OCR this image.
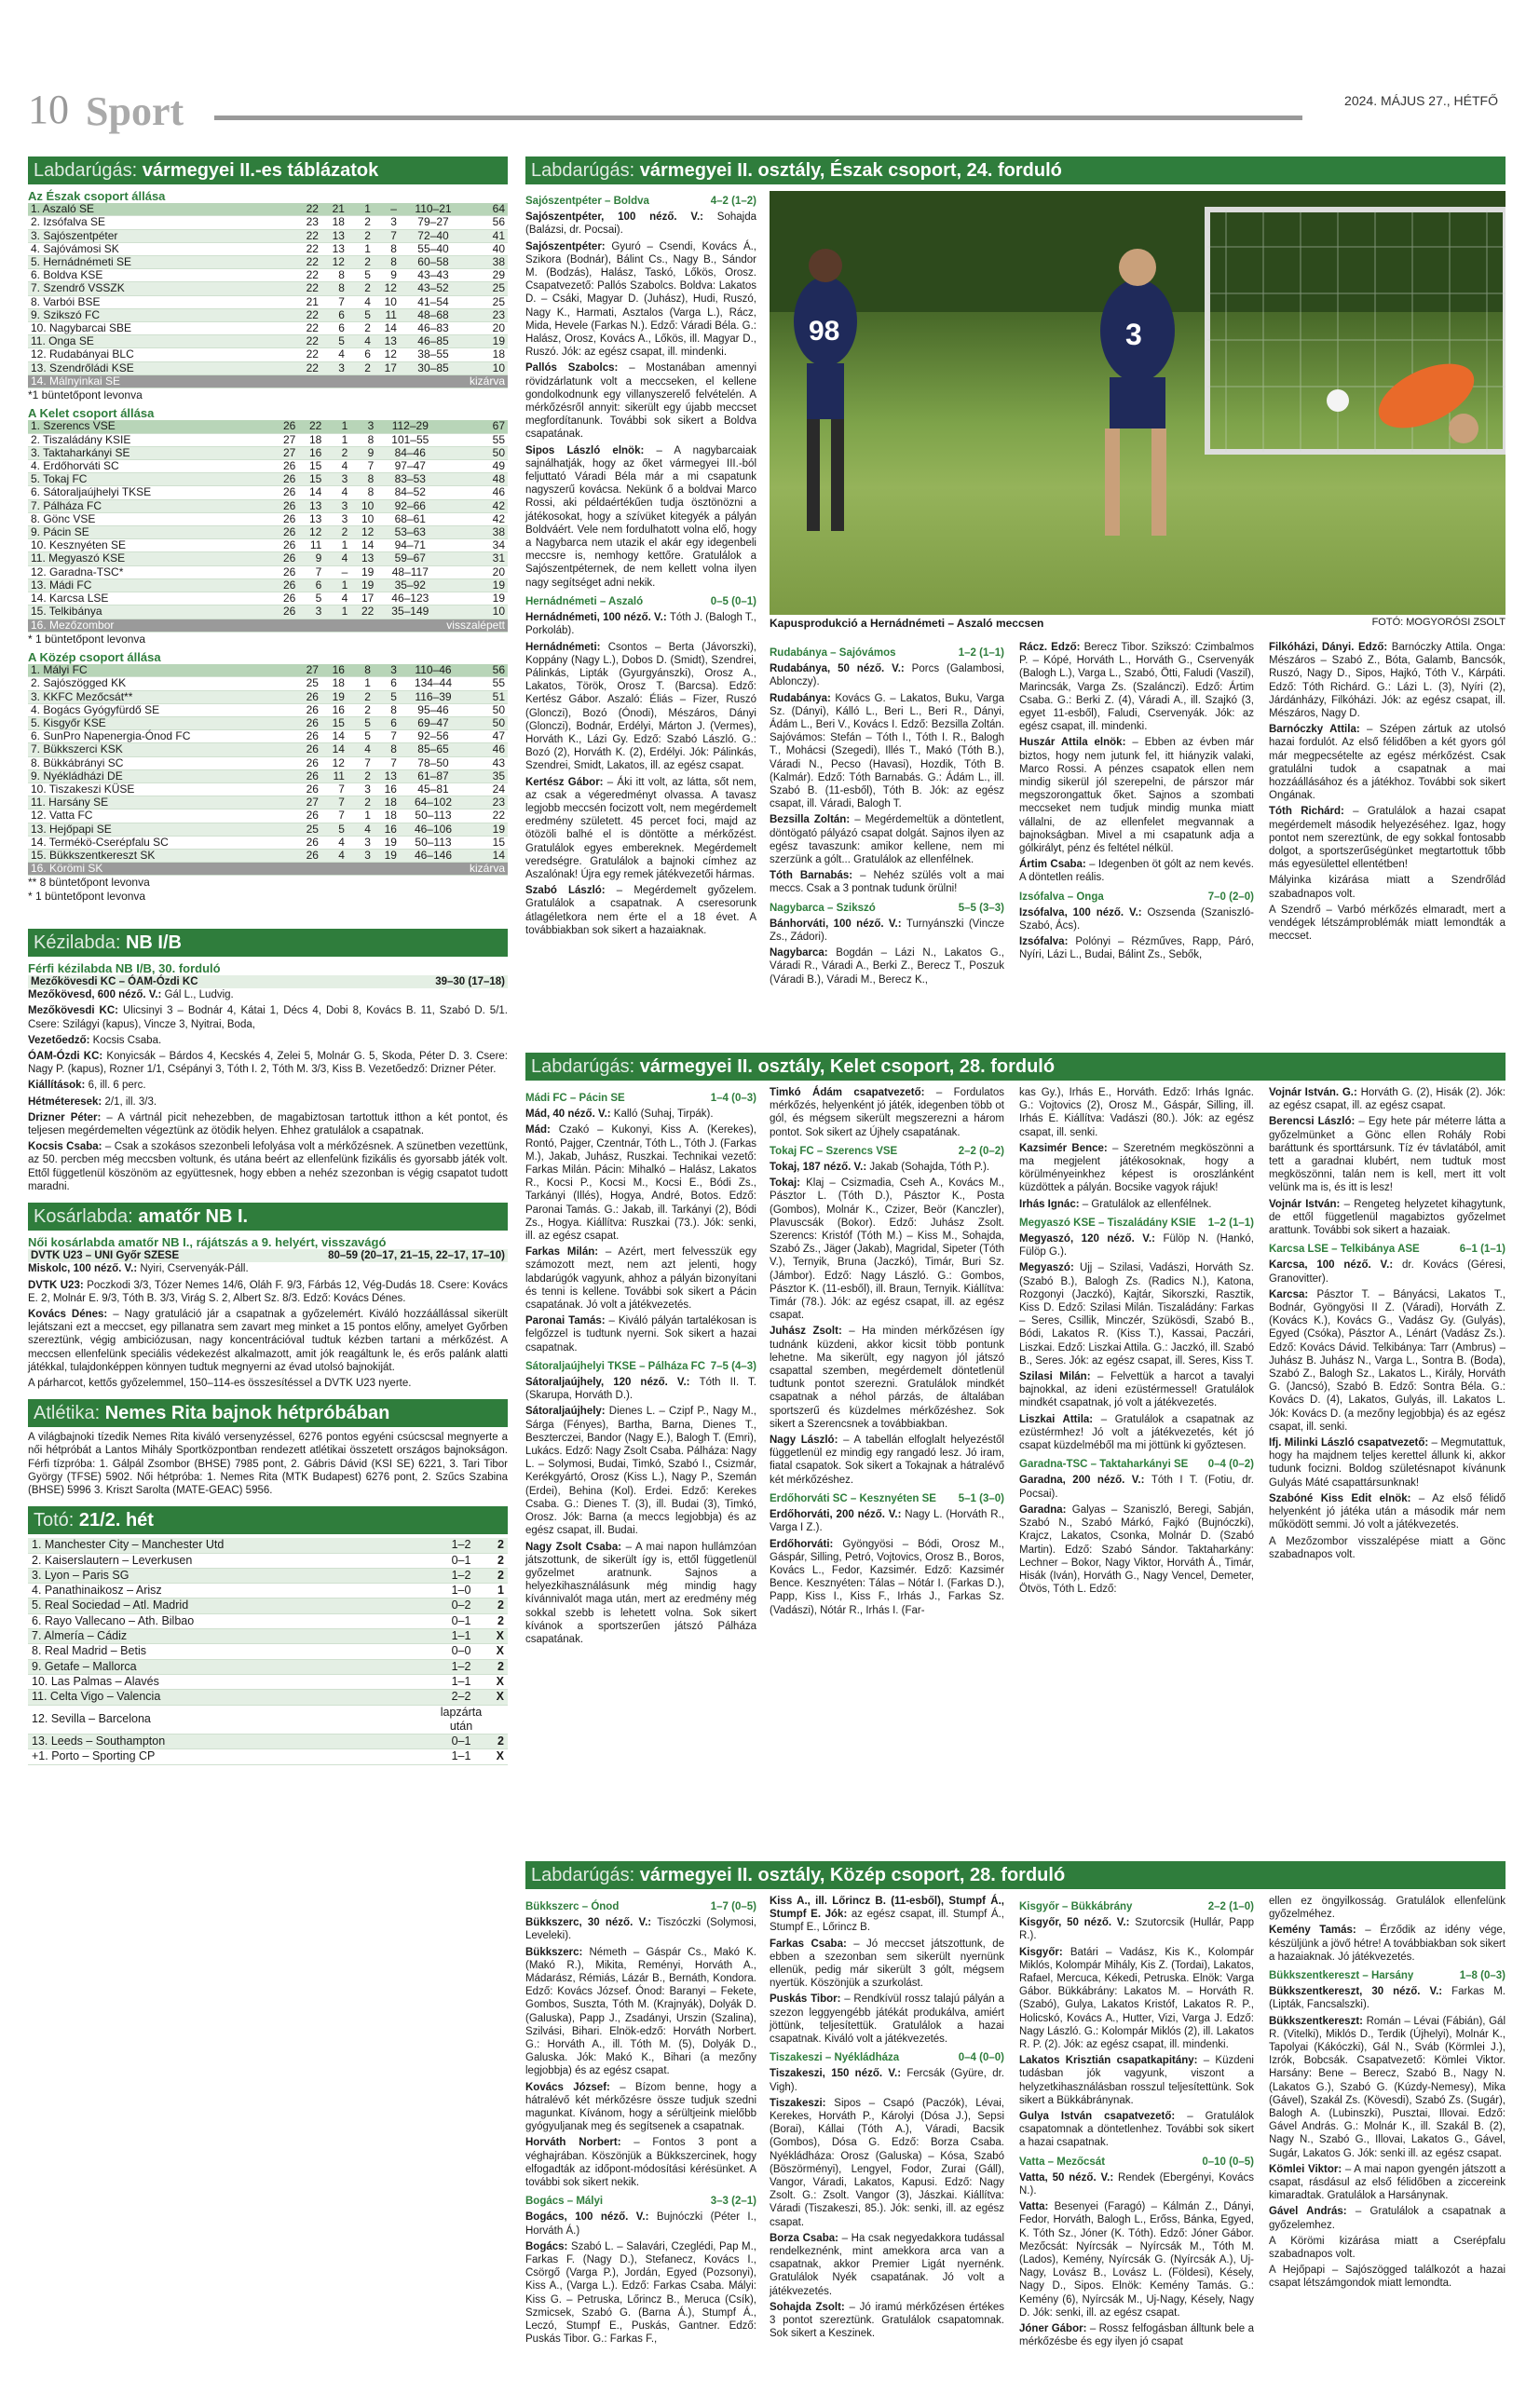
10 Sport	2024. MÁJUS 27., HÉTFŐ
Labdarúgás: vármegyei II.-es táblázatok
Az Észak csoport állása
1. Aszaló SE	22	21	1	–	110–21	64
2. Izsófalva SE	23	18	2	3	79–27	56
3. Sajószentpéter	22	13	2	7	72–40	41
4. Sajóvámosi SK	22	13	1	8	55–40	40
5. Hernádnémeti SE	22	12	2	8	60–58	38
6. Boldva KSE	22	8	5	9	43–43	29
7. Szendrő VSSZK	22	8	2	12	43–52	25
8. Varbói BSE	21	7	4	10	41–54	25
9. Szikszó FC	22	6	5	11	48–68	23
10. Nagybarcai SBE	22	6	2	14	46–83	20
11. Onga SE	22	5	4	13	46–85	19
12. Rudabányai BLC	22	4	6	12	38–55	18
13. Szendrőládi KSE	22	3	2	17	30–85	10
14. Málnyinkai SE						kizárva
*1 büntetőpont levonva
A Kelet csoport állása
1. Szerencs VSE	26	22	1	3	112–29	67
2. Tiszaládány KSIE	27	18	1	8	101–55	55
3. Taktaharkányi SE	27	16	2	9	84–46	50
4. Erdőhorváti SC	26	15	4	7	97–47	49
5. Tokaj FC	26	15	3	8	83–53	48
6. Sátoraljaújhelyi TKSE	26	14	4	8	84–52	46
7. Pálháza FC	26	13	3	10	92–66	42
8. Gönc VSE	26	13	3	10	68–61	42
9. Pácin SE	26	12	2	12	53–63	38
10. Kesznyéten SE	26	11	1	14	94–71	34
11. Megyaszó KSE	26	9	4	13	59–67	31
12. Garadna-TSC*	26	7	–	19	48–117	20
13. Mádi FC	26	6	1	19	35–92	19
14. Karcsa LSE	26	5	4	17	46–123	19
15. Telkibánya	26	3	1	22	35–149	10
16. Mezőzombor						visszalépett
* 1 büntetőpont levonva
A Közép csoport állása
1. Mályi FC	27	16	8	3	110–46	56
2. Sajószögged KK	25	18	1	6	134–44	55
3. KKFC Mezőcsát**	26	19	2	5	116–39	51
4. Bogács Gyógyfürdő SE	26	16	2	8	95–46	50
5. Kisgyőr KSE	26	15	5	6	69–47	50
6. SunPro Napenergia-Ónod FC	26	14	5	7	92–56	47
7. Bükkszerci KSK	26	14	4	8	85–65	46
8. Bükkábrányi SC	26	12	7	7	78–50	43
9. Nyékládházi DE	26	11	2	13	61–87	35
10. Tiszakeszi KÜSE	26	7	3	16	45–81	24
11. Harsány SE	27	7	2	18	64–102	23
12. Vatta FC	26	7	1	18	50–113	22
13. Hejőpapi SE	25	5	4	16	46–106	19
14. Termékö-Cserépfalu SC	26	4	3	19	50–113	15
15. Bükkszentkereszt SK	26	4	3	19	46–146	14
16. Körömi SK						kizárva
** 8 büntetőpont levonva
* 1 büntetőpont levonva
Kézilabda: NB I/B
Férfi kézilabda NB I/B, 30. forduló
Mezőkövesdi KC – ÓAM-Ózdi KC	39–30 (17–18)
Mezőkövesd, 600 néző. V.: Gál L., Ludvig.
Mezőkövesdi KC: Ulicsinyi 3 – Bodnár 4, Kátai 1, Décs 4, Dobi 8, Kovács B. 11, Szabó D. 5/1. Csere: Szilágyi (kapus), Vincze 3, Nyitrai, Boda,
Vezetőedző: Kocsis Csaba.
ÓAM-Ózdi KC: Konyicsák – Bárdos 4, Kecskés 4, Zelei 5, Molnár G. 5, Skoda, Péter D. 3. Csere: Nagy P. (kapus), Rozner 1/1, Csépányi 3, Tóth I. 2, Tóth M. 3/3, Kiss B. Vezetőedző: Drizner Péter.
Kiállítások: 6, ill. 6 perc.
Hétméteresek: 2/1, ill. 3/3.
Drizner Péter: – A vártnál picit nehezebben, de magabiztosan tartottuk itthon a két pontot, és teljesen megérdemelten végeztünk az ötödik helyen. Ehhez gratulálok a csapatnak.
Kocsis Csaba: – Csak a szokásos szezonbeli lefolyása volt a mérkőzésnek. A szünetben vezettünk, az 50. percben még meccsben voltunk, és utána beért az ellenfelünk fizikális és gyorsabb játék volt. Ettől függetlenül köszönöm az együttesnek, hogy ebben a nehéz szezonban is végig csapatot tudott maradni.
Kosárlabda: amatőr NB I.
Női kosárlabda amatőr NB I., rájátszás a 9. helyért, visszavágó
DVTK U23 – UNI Győr SZESE	80–59 (20–17, 21–15, 22–17, 17–10)
Miskolc, 100 néző. V.: Nyiri, Cservenyák-Páll.
DVTK U23: Poczkodi 3/3, Tózer Nemes 14/6, Oláh F. 9/3, Fárbás 12, Vég-Dudás 18. Csere: Kovács E. 2, Molnár E. 9/3, Tóth B. 3/3, Virág S. 2, Albert Sz. 8/3. Edző: Kovács Dénes.
Kovács Dénes: – Nagy gratuláció jár a csapatnak a győzelemért. Kiváló hozzáállással sikerült lejátszani ezt a meccset, egy pillanatra sem zavart meg minket a 15 pontos előny, amelyet Győrben szereztünk, végig ambiciózusan, nagy koncentrációval tudtuk kézben tartani a mérkőzést. A meccsen ellenfelünk speciális védekezést alkalmazott, amit jók reagáltunk le, és erős palánk alatti játékkal, tulajdonképpen könnyen tudtuk megnyerni az évad utolsó bajnokiját.
A párharcot, kettős győzelemmel, 150–114-es összesítéssel a DVTK U23 nyerte.
Atlétika: Nemes Rita bajnok hétpróbában
A világbajnoki tízedik Nemes Rita kiváló versenyzéssel, 6276 pontos egyéni csúcscsal megnyerte a női hétpróbát a Lantos Mihály Sportközpontban rendezett atlétikai összetett országos bajnokságon. Férfi tízpróba: 1. Gálpál Zsombor (BHSE) 7985 pont, 2. Gábris Dávid (KSI SE) 6221, 3. Tari Tibor György (TFSE) 5902. Női hétpróba: 1. Nemes Rita (MTK Budapest) 6276 pont, 2. Szűcs Szabina (BHSE) 5996 3. Kriszt Sarolta (MATE-GEAC) 5956.
Totó: 21/2. hét
1. Manchester City – Manchester Utd	1–2	2
2. Kaiserslautern – Leverkusen	0–1	2
3. Lyon – Paris SG	1–2	2
4. Panathinaikosz – Arisz	1–0	1
5. Real Sociedad – Atl. Madrid	0–2	2
6. Rayo Vallecano – Ath. Bilbao	0–1	2
7. Almería – Cádiz	1–1	X
8. Real Madrid – Betis	0–0	X
9. Getafe – Mallorca	1–2	2
10. Las Palmas – Alavés	1–1	X
11. Celta Vigo – Valencia	2–2	X
12. Sevilla – Barcelona	lapzárta után	
13. Leeds – Southampton	0–1	2
+1. Porto – Sporting CP	1–1	X
Labdarúgás: vármegyei II. osztály, Észak csoport, 24. forduló
Sajószentpéter – Boldva	4–2 (1–2)
Sajószentpéter, 100 néző. V.: Sohajda (Balázsi, dr. Pocsai).
Sajószentpéter: Gyuró – Csendi, Kovács Á., Szikora (Bodnár), Bálint Cs., Nagy B., Sándor M. (Bodzás), Halász, Taskó, Lőkös, Orosz. Csapatvezető: Pallós Szabolcs. Boldva: Lakatos D. – Csáki, Magyar D. (Juhász), Hudi, Ruszó, Nagy K., Harmati, Asztalos (Varga L.), Rácz, Mida, Hevele (Farkas N.). Edző: Váradi Béla. G.: Halász, Orosz, Kovács A., Lőkös, ill. Magyar D., Ruszó. Jók: az egész csapat, ill. mindenki.
Pallós Szabolcs: – Mostanában amennyi rövidzárlatunk volt a meccseken, el kellene gondolkodnunk egy villanyszerelő felvételén. A mérkőzésről annyit: sikerült egy újabb meccset megfordítanunk. További sok sikert a Boldva csapatának.
Sipos László elnök: – A nagybarcaiak sajnálhatják, hogy az őket vármegyei III.-ból feljuttató Váradi Béla már a mi csapatunk nagyszerű kovácsa. Nekünk ő a boldvai Marco Rossi, aki példaértékűen tudja ösztönözni a játékosokat, hogy a szívüket kitegyék a pályán Boldváért. Vele nem fordulhatott volna elő, hogy a Nagybarca nem utazik el akár egy idegenbeli meccsre is, nemhogy kettőre. Gratulálok a Sajószentpéternek, de nem kellett volna ilyen nagy segítséget adni nekik.
Hernádnémeti – Aszaló	0–5 (0–1)
Hernádnémeti, 100 néző. V.: Tóth J. (Balogh T., Porkoláb).
Hernádnémeti: Csontos – Berta (Jávorszki), Koppány (Nagy L.), Dobos D. (Smidt), Szendrei, Pálinkás, Lipták (Gyurgyánszki), Orosz A., Lakatos, Török, Orosz T. (Barcsa). Edző: Kertész Gábor. Aszaló: Éliás – Fizer, Ruszó (Glonczi), Bozó (Ónodi), Mészáros, Dányi (Glonczi), Bodnár, Erdélyi, Márton J. (Vermes), Horváth K., Lázi Gy. Edző: Szabó László. G.: Bozó (2), Horváth K. (2), Erdélyi. Jók: Pálinkás, Szendrei, Smidt, Lakatos, ill. az egész csapat.
Kertész Gábor: – Áki itt volt, az látta, sőt nem, az csak a végeredményt olvassa. A tavasz legjobb meccsén focizott volt, nem megérdemelt eredmény született. 45 percet foci, majd az ötözöli balhé el is döntötte a mérkőzést. Gratulálok egyes embereknek. Megérdemelt veredségre. Gratulálok a bajnoki címhez az Aszalónak! Újra egy remek játékvezetői hármas.
Szabó László: – Megérdemelt győzelem. Gratulálok a csapatnak. A cseresorunk átlagéletkora nem érte el a 18 évet. A továbbiakban sok sikert a hazaiaknak.
98	3
FOTÓ: MOGYORÓSI ZSOLT
Kapusprodukció a Hernádnémeti – Aszaló meccsen
Rudabánya – Sajóvámos	1–2 (1–1)
Rudabánya, 50 néző. V.: Porcs (Galambosi, Ablonczy).
Rudabánya: Kovács G. – Lakatos, Buku, Varga Sz. (Dányi), Kálló L., Beri L., Beri R., Dányi, Ádám L., Beri V., Kovács I. Edző: Bezsilla Zoltán. Sajóvámos: Stefán – Tóth I., Tóth I. R., Balogh T., Mohácsi (Szegedi), Illés T., Makó (Tóth B.), Váradi N., Pecso (Havasi), Hozdik, Tóth B. (Kalmár). Edző: Tóth Barnabás. G.: Ádám L., ill. Szabó B. (11-esből), Tóth B. Jók: az egész csapat, ill. Váradi, Balogh T.
Bezsilla Zoltán: – Megérdemeltük a döntetlent, döntögató pályázó csapat dolgát. Sajnos ilyen az egész tavaszunk: amikor kellene, nem mi szerzünk a gólt... Gratulálok az ellenfélnek.
Tóth Barnabás: – Nehéz szülés volt a mai meccs. Csak a 3 pontnak tudunk örülni!
Nagybarca – Szikszó	5–5 (3–3)
Bánhorváti, 100 néző. V.: Turnyánszki (Vincze Zs., Zádori).
Nagybarca: Bogdán – Lázi N., Lakatos G., Váradi R., Váradi A., Berki Z., Berecz T., Poszuk (Váradi B.), Váradi M., Berecz K.,
Rácz. Edző: Berecz Tibor. Szikszó: Czimbalmos P. – Kópé, Horváth L., Horváth G., Cservenyák (Balogh L.), Varga L., Szabó, Ötti, Faludi (Vaszil), Marincsák, Varga Zs. (Szalánczi). Edző: Ártim Csaba. G.: Berki Z. (4), Váradi A., ill. Szajkó (3, egyet 11-esből), Faludi, Cservenyák. Jók: az egész csapat, ill. mindenki.
Huszár Attila elnök: – Ebben az évben már biztos, hogy nem jutunk fel, itt hiányzik valaki, Marco Rossi. A pénzes csapatok ellen nem mindig sikerül jól szerepelni, de párszor már megszorongattuk őket. Sajnos a szombati meccseket nem tudjuk mindig munka miatt vállalni, de az ellenfelet megvannak a bajnokságban. Mivel a mi csapatunk adja a gólkirályt, pénz és feltétel nélkül.
Ártim Csaba: – Idegenben öt gólt az nem kevés. A döntetlen reális.
Izsófalva – Onga	7–0 (2–0)
Izsófalva, 100 néző. V.: Oszsenda (Szaniszló-Szabó, Ács).
Izsófalva: Polónyi – Rézműves, Rapp, Páró, Nyíri, Lázi L., Budai, Bálint Zs., Sebők,
Filkóházi, Dányi. Edző: Barnóczky Attila. Onga: Mészáros – Szabó Z., Bóta, Galamb, Bancsók, Ruszó, Nagy D., Sipos, Hajkó, Tóth V., Kárpáti. Edző: Tóth Richárd. G.: Lázi L. (3), Nyíri (2), Járdánházy, Filkóházi. Jók: az egész csapat, ill. Mészáros, Nagy D.
Barnóczky Attila: – Szépen zártuk az utolsó hazai fordulót. Az első félidőben a két gyors gól már megpecsételte az egész mérkőzést. Csak gratulálni tudok a csapatnak a mai hozzáállásához és a játékhoz. További sok sikert Ongának.
Tóth Richárd: – Gratulálok a hazai csapat megérdemelt második helyezéséhez. Igaz, hogy pontot nem szereztünk, de egy sokkal fontosabb dolgot, a sportszerűségünket megtartottuk tőbb más egyesülettel ellentétben!
Mályinka kizárása miatt a Szendrőlád szabadnapos volt.
A Szendrő – Varbó mérkőzés elmaradt, mert a vendégek létszámproblémák miatt lemondták a meccset.
Labdarúgás: vármegyei II. osztály, Kelet csoport, 28. forduló
Mádi FC – Pácin SE	1–4 (0–3)
Mád, 40 néző. V.: Kalló (Suhaj, Tirpák).
Mád: Czakó – Kukonyi, Kiss A. (Kerekes), Rontó, Pajger, Czentnár, Tóth L., Tóth J. (Farkas M.), Jakab, Juhász, Ruszkai. Technikai vezető: Farkas Milán. Pácin: Mihalkó – Halász, Lakatos R., Kocsi P., Kocsi M., Kocsi E., Bódi Zs., Tarkányi (Illés), Hogya, André, Botos. Edző: Paronai Tamás. G.: Jakab, ill. Tarkányi (2), Bódi Zs., Hogya. Kiállítva: Ruszkai (73.). Jók: senki, ill. az egész csapat.
Farkas Milán: – Azért, mert felvesszük egy számozott mezt, nem azt jelenti, hogy labdarúgók vagyunk, ahhoz a pályán bizonyítani és tenni is kellene. További sok sikert a Pácin csapatának. Jó volt a játékvezetés.
Paronai Tamás: – Kiváló pályán tartalékosan is felgőzzel is tudtunk nyerni. Sok sikert a hazai csapatnak.
Sátoraljaújhelyi TKSE – Pálháza FC 7–5 (4–3)
Sátoraljaújhely, 120 néző. V.: Tóth II. T. (Skarupa, Horváth D.).
Sátoraljaújhely: Dienes L. – Czipf P., Nagy M., Sárga (Fényes), Bartha, Barna, Dienes T., Beszterczei, Bandor (Nagy E.), Balogh T. (Emri), Lukács. Edző: Nagy Zsolt Csaba. Pálháza: Nagy L. – Solymosi, Budai, Timkó, Szabó I., Csizmár, Kerékgyártó, Orosz (Kiss L.), Nagy P., Szemán (Erdei), Behina (Kol). Erdei. Edző: Kerekes Csaba. G.: Dienes T. (3), ill. Budai (3), Timkó, Orosz. Jók: Barna (a meccs legjobbja) és az egész csapat, ill. Budai.
Nagy Zsolt Csaba: – A mai napon hullámzóan játszottunk, de sikerült így is, ettől függetlenül győzelmet aratnunk. Sajnos a helyezkihasználásunk még mindig hagy kívánnivalót maga után, mert az eredmény még sokkal szebb is lehetett volna. Sok sikert kívánok a sportszerűen játszó Pálháza csapatának.
Timkó Ádám csapatvezető: – Fordulatos mérkőzés, helyenként jó játék, idegenben több ot gól, és mégsem sikerült megszerezni a három pontot. Sok sikert az Újhely csapatának.
Tokaj FC – Szerencs VSE	2–2 (0–2)
Tokaj, 187 néző. V.: Jakab (Sohajda, Tóth P.).
Tokaj: Klaj – Csizmadia, Cseh A., Kovács M., Pásztor L. (Tóth D.), Pásztor K., Posta (Gombos), Molnár K., Czizer, Beör (Kanczler), Plavuscsák (Bokor). Edző: Juhász Zsolt. Szerencs: Kristóf (Tóth M.) – Kiss M., Sohajda, Szabó Zs., Jäger (Jakab), Magridal, Sipeter (Tóth V.), Ternyik, Bruna (Jaczkó), Timár, Buri Sz. (Jámbor). Edző: Nagy László. G.: Gombos, Pásztor K. (11-esből), ill. Braun, Ternyik. Kiállítva: Timár (78.). Jók: az egész csapat, ill. az egész csapat.
Juhász Zsolt: – Ha minden mérkőzésen így tudnánk küzdeni, akkor kicsit több pontunk lehetne. Ma sikerült, egy nagyon jól játszó csapattal szemben, megérdemelt döntetlenül tudtunk pontot szerezni. Gratulálok mindkét csapatnak a néhol párzás, de általában sportszerű és küzdelmes mérkőzéshez. Sok sikert a Szerencsnek a továbbiakban.
Nagy László: – A tabellán elfoglalt helyezéstől függetlenül ez mindig egy rangadó lesz. Jó iram, fiatal csapatok. Sok sikert a Tokajnak a hátralévő két mérkőzéshez.
Erdőhorváti SC – Kesznyéten SE 5–1 (3–0)
Erdőhorváti, 200 néző. V.: Nagy L. (Horváth R., Varga I Z.).
Erdőhorváti: Gyöngyösi – Bódi, Orosz M., Gáspár, Silling, Petró, Vojtovics, Orosz B., Boros, Kovács L., Fedor, Kazsimér. Edző: Kazsimér Bence. Kesznyéten: Tálas – Nótár I. (Farkas D.), Papp, Kiss I., Kiss F., Irhás J., Farkas Sz. (Vadászi), Nótár R., Irhás I. (Far-
kas Gy.), Irhás E., Horváth. Edző: Irhás Ignác. G.: Vojtovics (2), Orosz M., Gáspár, Silling, ill. Irhás E. Kiállítva: Vadászi (80.). Jók: az egész csapat, ill. senki.
Kazsimér Bence: – Szeretném megköszönni a ma megjelent játékosoknak, hogy a körülményeinkhez képest is oroszlánként küzdöttek a pályán. Bocsike vagyok rájuk!
Irhás Ignác: – Gratulálok az ellenfélnek.
Megyaszó KSE – Tiszaládány KSIE 1–2 (1–1)
Megyaszó, 120 néző. V.: Fülöp N. (Hankó, Fülöp G.).
Megyaszó: Ujj – Szilasi, Vadászi, Horváth Sz. (Szabó B.), Balogh Zs. (Radics N.), Katona, Rozgonyi (Jaczkó), Kajtár, Sikorszki, Rasztik, Kiss D. Edző: Szilasi Milán. Tiszaládány: Farkas – Seres, Csillik, Minczér, Szükösdi, Szabó B., Bódi, Lakatos R. (Kiss T.), Kassai, Paczári, Liszkai. Edző: Liszkai Attila. G.: Jaczkó, ill. Szabó B., Seres. Jók: az egész csapat, ill. Seres, Kiss T.
Szilasi Milán: – Felvettük a harcot a tavalyi bajnokkal, az ideni ezüstérmessel! Gratulálok mindkét csapatnak, jó volt a játékvezetés.
Liszkai Attila: – Gratulálok a csapatnak az ezüstérmhez! Jó volt a játékvezetés, két jó csapat küzdelméből ma mi jöttünk ki győztesen.
Garadna-TSC – Taktaharkányi SE 0–4 (0–2)
Garadna, 200 néző. V.: Tóth I T. (Fotiu, dr. Pocsai).
Garadna: Galyas – Szaniszló, Beregi, Sabján, Szabó N., Szabó Márkó, Fajkó (Bujnóczki), Krajcz, Lakatos, Csonka, Molnár D. (Szabó Martin). Edző: Szabó Sándor. Taktaharkány: Lechner – Bokor, Nagy Viktor, Horváth Á., Timár, Hisák (Iván), Horváth G., Nagy Vencel, Demeter, Ötvös, Tóth L. Edző:
Vojnár István. G.: Horváth G. (2), Hisák (2). Jók: az egész csapat, ill. az egész csapat.
Berencsi László: – Egy hete pár méterre látta a győzelmünket a Gönc ellen Rohály Robi baráttunk és sporttársunk. Tíz év távlatából, amit tett a garadnai klubért, nem tudtuk most megköszönni, talán nem is kell, mert itt volt velünk ma is, és itt is lesz!
Vojnár István: – Rengeteg helyzetet kihagytunk, de ettől függetlenül magabiztos győzelmet arattunk. További sok sikert a hazaiak.
Karcsa LSE – Telkibánya ASE	6–1 (1–1)
Karcsa, 100 néző. V.: dr. Kovács (Géresi, Granovitter).
Karcsa: Pásztor T. – Bányácsi, Lakatos T., Bodnár, Gyöngyösi II Z. (Váradi), Horváth Z. (Kovács K.), Kovács G., Vadász Gy. (Gulyás), Egyed (Csóka), Pásztor A., Lénárt (Vadász Zs.). Edző: Kovács Dávid. Telkibánya: Tarr (Ambrus) – Juhász B. Juhász N., Varga L., Sontra B. (Boda), Szabó Z., Balogh Sz., Lakatos L., Király, Horváth G. (Jancsó), Szabó B. Edző: Sontra Béla. G.: Kovács D. (4), Lakatos, Gulyás, ill. Lakatos L. Jók: Kovács D. (a mezőny legjobbja) és az egész csapat, ill. senki.
Ifj. Milinki László csapatvezető: – Megmutattuk, hogy ha majdnem teljes kerettel állunk ki, akkor tudunk focizni. Boldog születésnapot kívánunk Gulyás Máté csapattársunknak!
Szabóné Kiss Edit elnök: – Az első félidő helyenként jó játéka után a második már nem működött semmi. Jó volt a játékvezetés.
A Mezőzombor visszalépése miatt a Gönc szabadnapos volt.
Labdarúgás: vármegyei II. osztály, Közép csoport, 28. forduló
Bükkszerc – Ónod	1–7 (0–5)
Bükkszerc, 30 néző. V.: Tiszóczki (Solymosi, Leveleki).
Bükkszerc: Németh – Gáspár Cs., Makó K. (Makó R.), Mikita, Reményi, Horváth A., Mádarász, Rémiás, Lázár B., Bernáth, Kondora. Edző: Kovács József. Ónod: Baranyi – Fekete, Gombos, Suszta, Tóth M. (Krajnyák), Dolyák D. (Galuska), Papp J., Zsadányi, Urszin (Szalina), Szilvási, Bihari. Elnök-edző: Horváth Norbert. G.: Horváth A., ill. Tóth M. (5), Dolyák D., Galuska. Jók: Makó K., Bihari (a mezőny legjobbja) és az egész csapat.
Kovács József: – Bízom benne, hogy a hátralévő két mérkőzésre össze tudjuk szedni magunkat. Kívánom, hogy a sérültjeink mielőbb gyógyuljanak meg és segítsenek a csapatnak.
Horváth Norbert: – Fontos 3 pont a véghajrában. Köszönjük a Bükkszercinek, hogy elfogadták az időpont-módosítási kérésünket. A további sok sikert nekik.
Bogács – Mályi	3–3 (2–1)
Bogács, 100 néző. V.: Bujnóczki (Péter I., Horváth Á.)
Bogács: Szabó L. – Salavári, Czeglédi, Pap M., Farkas F. (Nagy D.), Stefanecz, Kovács I., Csörgő (Varga P.), Jordán, Egyed (Pozsonyi), Kiss A., (Varga L.). Edző: Farkas Csaba. Mályi: Kiss G. – Petruska, Lőrincz B., Meruca (Csík), Szmicsek, Szabó G. (Barna Á.), Stumpf Á., Leczó, Stumpf E., Puskás, Gantner. Edző: Puskás Tibor. G.: Farkas F.,
Kiss A., ill. Lőrincz B. (11-esből), Stumpf Á., Stumpf E. Jók: az egész csapat, ill. Stumpf Á., Stumpf E., Lőrincz B.
Farkas Csaba: – Jó meccset játszottunk, de ebben a szezonban sem sikerült nyernünk ellenük, pedig már sikerült 3 gólt, mégsem nyertük. Köszönjük a szurkolást.
Puskás Tibor: – Rendkívül rossz talajú pályán a szezon leggyengébb játékát produkálva, amiért jöttünk, teljesítettük. Gratulálok a hazai csapatnak. Kiváló volt a játékvezetés.
Tiszakeszi – Nyékládháza	0–4 (0–0)
Tiszakeszi, 150 néző. V.: Fercsák (Gyüre, dr. Vigh).
Tiszakeszi: Sipos – Csapó (Paczók), Lévai, Kerekes, Horváth P., Károlyi (Dósa J.), Sepsi (Borai), Kállai (Tóth A.), Váradi, Bacsik (Gombos), Dósa G. Edző: Borza Csaba. Nyékládháza: Orosz (Galuska) – Kósa, Szabó (Böszörményi), Lengyel, Fodor, Zurai (Gáll), Vangor, Váradi, Lakatos, Kapusi. Edző: Nagy Zsolt. G.: Zsolt. Vangor (3), Jászkai. Kiállítva: Váradi (Tiszakeszi, 85.). Jók: senki, ill. az egész csapat.
Borza Csaba: – Ha csak negyedakkora tudással rendelkeznénk, mint amekkora arca van a csapatnak, akkor Premier Ligát nyernénk. Gratulálok Nyék csapatának. Jó volt a játékvezetés.
Sohajda Zsolt: – Jó iramú mérkőzésen értékes 3 pontot szereztünk. Gratulálok csapatomnak. Sok sikert a Keszinek.
Kisgyőr – Bükkábrány	2–2 (1–0)
Kisgyőr, 50 néző. V.: Szutorcsik (Hullár, Papp R.).
Kisgyőr: Batári – Vadász, Kis K., Kolompár Miklós, Kolompár Mihály, Kis Z. (Tordai), Lakatos, Rafael, Mercuca, Kékedi, Petruska. Elnök: Varga Gábor. Bükkábrány: Lakatos M. – Horváth R. (Szabó), Gulya, Lakatos Kristóf, Lakatos R. P., Holicskó, Kovács A., Hutter, Vizi, Varga J. Edző: Nagy László. G.: Kolompár Miklós (2), ill. Lakatos R. P. (2). Jók: az egész csapat, ill. mindenki.
Lakatos Krisztián csapatkapitány: – Küzdeni tudásban jók vagyunk, viszont a helyzetkihasználásban rosszul teljesítettünk. Sok sikert a Bükkábránynak.
Gulya István csapatvezető: – Gratulálok csapatomnak a döntetlenhez. További sok sikert a hazai csapatnak.
Vatta – Mezőcsát	0–10 (0–5)
Vatta, 50 néző. V.: Rendek (Ebergényi, Kovács N.).
Vatta: Besenyei (Faragó) – Kálmán Z., Dányi, Fedor, Horváth, Balogh L., Erőss, Bánka, Egyed, K. Tóth Sz., Jóner (K. Tóth). Edző: Jóner Gábor. Mezőcsát: Nyírcsák – Nyírcsák M., Tóth M. (Lados), Kemény, Nyírcsák G. (Nyírcsák A.), Uj-Nagy, Lovász B., Lovász L. (Földesi), Késely, Nagy D., Sipos. Elnök: Kemény Tamás. G.: Kemény (6), Nyírcsák M., Uj-Nagy, Késely, Nagy D. Jók: senki, ill. az egész csapat.
Jóner Gábor: – Rossz felfogásban álltunk bele a mérkőzésbe és egy ilyen jó csapat
ellen ez öngyilkosság. Gratulálok ellenfelünk győzelméhez.
Kemény Tamás: – Érződik az idény vége, készüljünk a jövő hétre! A továbbiakban sok sikert a hazaiaknak. Jó játékvezetés.
Bükkszentkereszt – Harsány	1–8 (0–3)
Bükkszentkereszt, 30 néző. V.: Farkas M. (Lipták, Fancsalszki).
Bükkszentkereszt: Román – Lévai (Fábián), Gál R. (Vitelki), Miklós D., Terdik (Újhelyi), Molnár K., Tapolyai (Kákóczki), Gál N., Sváb (Körmlei J.), Izrók, Bobcsák. Csapatvezető: Kömlei Viktor. Harsány: Bene – Berecz, Szabó B., Nagy N. (Lakatos G.), Szabó G. (Kúzdy-Nemesy), Mika (Gável), Szakál Zs. (Kövesdi), Szabó Zs. (Sugár), Balogh A. (Lubinszki), Pusztai, Illovai. Edző: Gável András. G.: Molnár K., ill. Szakál B. (2), Nagy N., Szabó G., Illovai, Lakatos G., Gável, Sugár, Lakatos G. Jók: senki ill. az egész csapat.
Kömlei Viktor: – A mai napon gyengén játszott a csapat, rásdásul az első félidőben a ziccereink kimaradtak. Gratulálok a Harsánynak.
Gável András: – Gratulálok a csapatnak a győzelemhez.
A Körömi kizárása miatt a Cserépfalu szabadnapos volt.
A Hejőpapi – Sajószögged találkozót a hazai csapat létszámgondok miatt lemondta.
